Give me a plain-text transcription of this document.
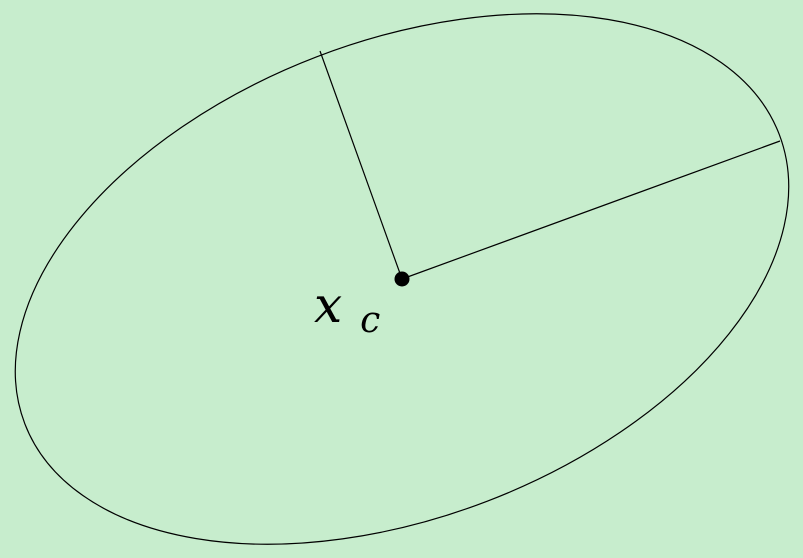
x $_c$
